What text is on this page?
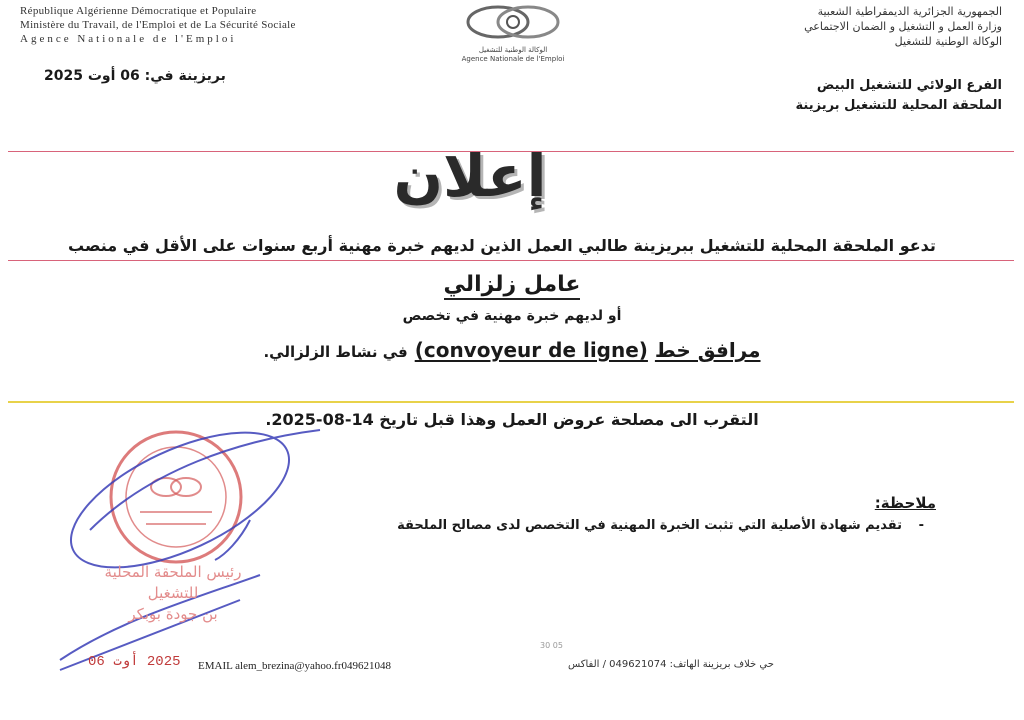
République Algérienne Démocratique et Populaire
Ministère du Travail, de l'Emploi et de La Sécurité Sociale
Agence Nationale de l'Emploi
الوكالة الوطنية للتشغيل
Agence Nationale de l'Emploi
الجمهورية الجزائرية الديمقراطية الشعبية
وزارة العمل و التشغيل و الضمان الاجتماعي
الوكالة الوطنية للتشغيل
بريزينة في: 06 أوت 2025
الفرع الولائي للتشغيل البيض
الملحقة المحلية للتشغيل بريزينة
إعلان
تدعو الملحقة المحلية للتشغيل ببريزينة طالبي العمل الذين لديهم خبرة مهنية أربع سنوات على الأقل في منصب
عامل زلزالي
أو لديهم خبرة مهنية في تخصص
مرافق خط (convoyeur de ligne) في نشاط الزلزالي.
التقرب الى مصلحة عروض العمل وهذا قبل تاريخ 14-08-2025.
ملاحظة:
-
تقديم شهادة الأصلية التي تثبت الخبرة المهنية في التخصص لدى مصالح الملحقة
رئيس الملحقة المحلية
للتشغيل
بن جودة بوبكر
2025 أوت 06
30 05
EMAIL alem_brezina@yahoo.fr049621048	حي خلاف بريزينة الهاتف: 049621074 / الفاكس
